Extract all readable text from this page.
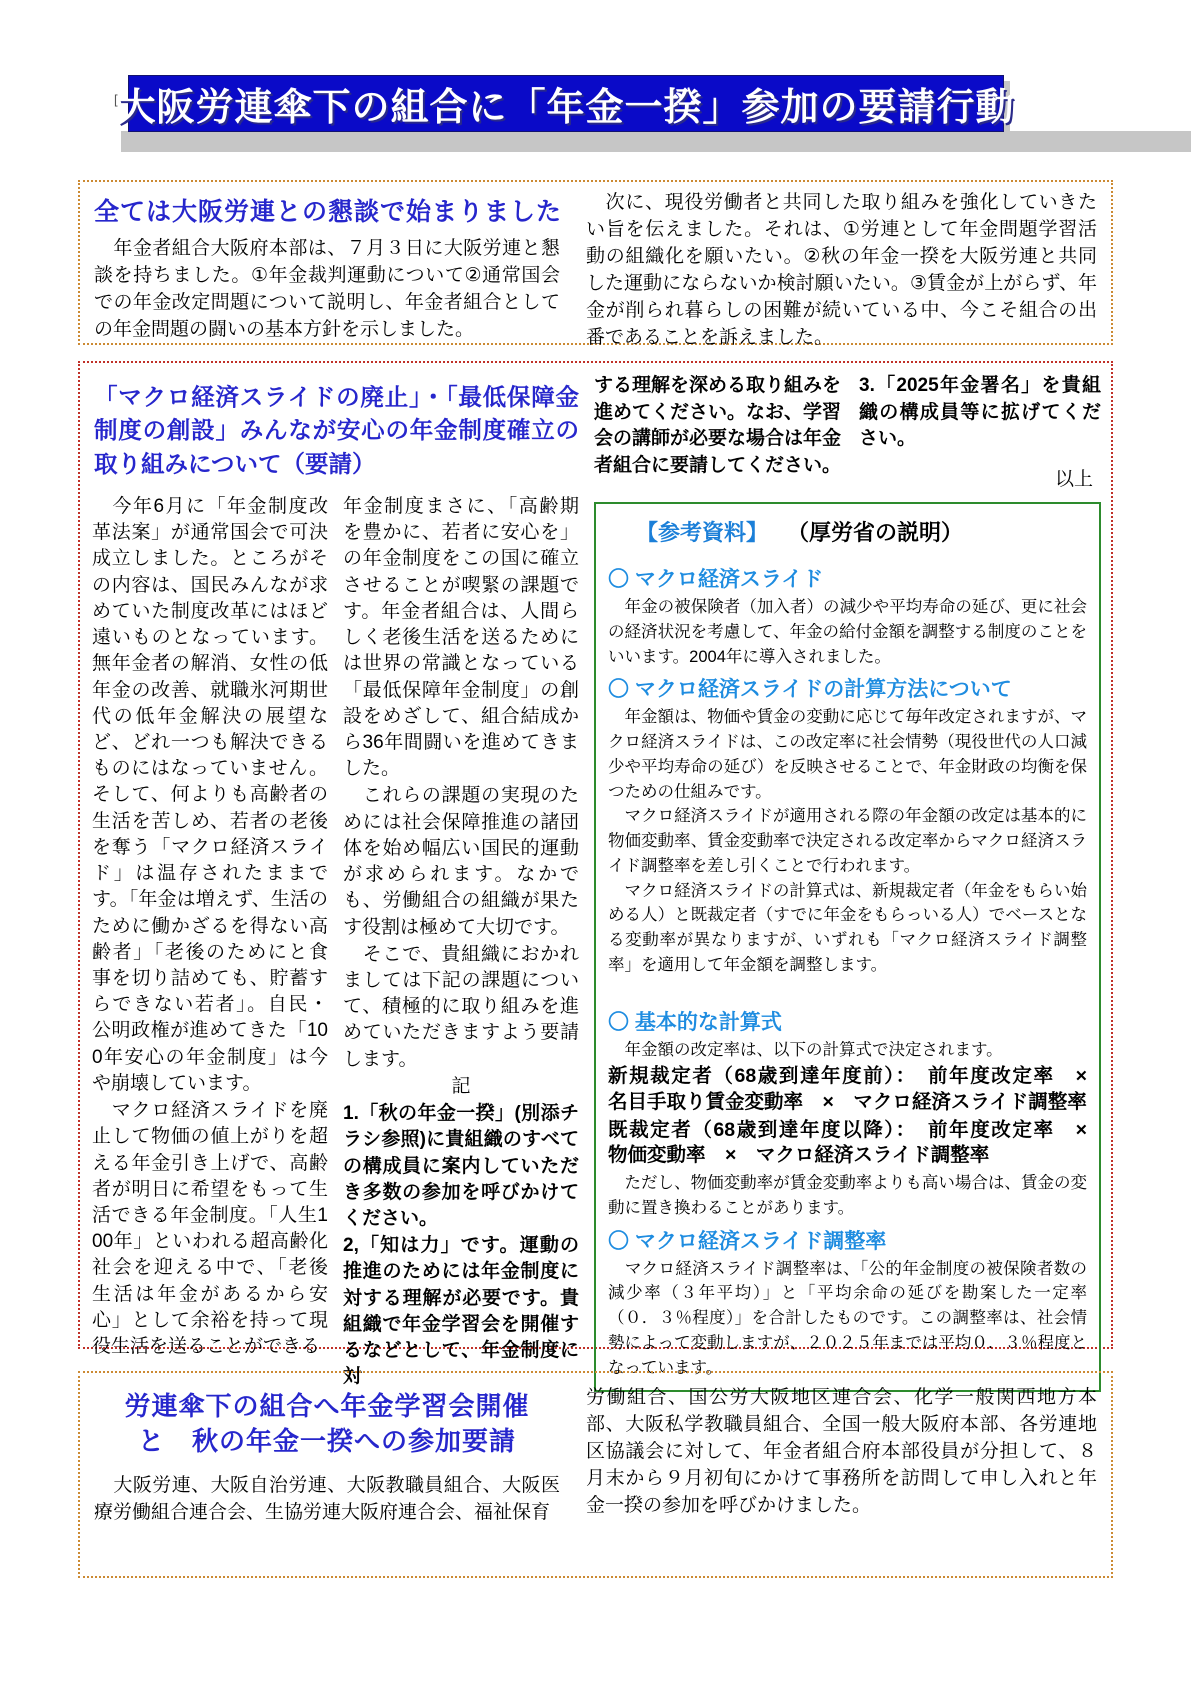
[ 大阪労連傘下の組合に「年金一揆」参加の要請行動
全ては大阪労連との懇談で始まりました

　年金者組合大阪府本部は、７月３日に大阪労連と懇談を持ちました。①年金裁判運動について②通常国会での年金改定問題について説明し、年金者組合としての年金問題の闘いの基本方針を示しました。

　次に、現役労働者と共同した取り組みを強化していきたい旨を伝えました。それは、①労連として年金問題学習活動の組織化を願いたい。②秋の年金一揆を大阪労連と共同した運動にならないか検討願いたい。③賃金が上がらず、年金が削られ暮らしの困難が続いている中、今こそ組合の出番であることを訴えました。

「マクロ経済スライドの廃止」・「最低保障金制度の創設」みんなが安心の年金制度確立の取り組みについて（要請）

　今年6月に「年金制度改革法案」が通常国会で可決成立しました。ところがその内容は、国民みんなが求めていた制度改革にはほど遠いものとなっています。無年金者の解消、女性の低年金の改善、就職氷河期世代の低年金解決の展望など、どれ一つも解決できるものにはなっていません。そして、何よりも高齢者の生活を苦しめ、若者の老後を奪う「マクロ経済スライド」は温存されたままです。「年金は増えず、生活のために働かざるを得ない高齢者」「老後のためにと食事を切り詰めても、貯蓄すらできない若者」。自民・公明政権が進めてきた「100年安心の年金制度」は今や崩壊しています。

　マクロ経済スライドを廃止して物価の値上がりを超える年金引き上げで、高齢者が明日に希望をもって生活できる年金制度。「人生100年」といわれる超高齢化社会を迎える中で、「老後生活は年金があるから安心」として余裕を持って現役生活を送ることができる

年金制度まさに、「高齢期を豊かに、若者に安心を」の年金制度をこの国に確立させることが喫緊の課題です。年金者組合は、人間らしく老後生活を送るためには世界の常識となっている「最低保障年金制度」の創設をめざして、組合結成から36年間闘いを進めてきました。

　これらの課題の実現のためには社会保障推進の諸団体を始め幅広い国民的運動が求められます。なかでも、労働組合の組織が果たす役割は極めて大切です。

　そこで、貴組織におかれましては下記の課題について、積極的に取り組みを進めていただきますよう要請します。

記

1.「秋の年金一揆」(別添チラシ参照)に貴組織のすべての構成員に案内していただき多数の参加を呼びかけてください。

2,「知は力」です。運動の推進のためには年金制度に対する理解が必要です。貴組織で年金学習会を開催するなどとして、年金制度に対

する理解を深める取り組みを進めてください。なお、学習会の講師が必要な場合は年金者組合に要請してください。

3.「2025年金署名」を貴組織の構成員等に拡げてください。

以上

【参考資料】 （厚労省の説明）
〇 マクロ経済スライド

　年金の被保険者（加入者）の減少や平均寿命の延び、更に社会の経済状況を考慮して、年金の給付金額を調整する制度のことをいいます。2004年に導入されました。

〇 マクロ経済スライドの計算方法について

　年金額は、物価や賃金の変動に応じて毎年改定されますが、マクロ経済スライドは、この改定率に社会情勢（現役世代の人口減少や平均寿命の延び）を反映させることで、年金財政の均衡を保つための仕組みです。

　マクロ経済スライドが適用される際の年金額の改定は基本的に物価変動率、賃金変動率で決定される改定率からマクロ経済スライド調整率を差し引くことで行われます。

　マクロ経済スライドの計算式は、新規裁定者（年金をもらい始める人）と既裁定者（すでに年金をもらっいる人）でベースとなる変動率が異なりますが、いずれも「マクロ経済スライド調整率」を適用して年金額を調整します。

〇 基本的な計算式

　年金額の改定率は、以下の計算式で決定されます。

新規裁定者（68歳到達年度前）：　前年度改定率　×　名目手取り賃金変動率　×　マクロ経済スライド調整率

既裁定者（68歳到達年度以降）：　前年度改定率　×　物価変動率　×　マクロ経済スライド調整率

　ただし、物価変動率が賃金変動率よりも高い場合は、賃金の変動に置き換わることがあります。

〇 マクロ経済スライド調整率

　マクロ経済スライド調整率は、「公的年金制度の被保険者数の減少率（３年平均）」と「平均余命の延びを勘案した一定率（０．３％程度）」を合計したものです。この調整率は、社会情勢によって変動しますが、２０２５年までは平均０．３％程度となっています。

労連傘下の組合へ年金学習会開催
と　秋の年金一揆への参加要請

　大阪労連、大阪自治労連、大阪教職員組合、大阪医療労働組合連合会、生協労連大阪府連合会、福祉保育

労働組合、国公労大阪地区連合会、化学一般関西地方本部、大阪私学教職員組合、全国一般大阪府本部、各労連地区協議会に対して、年金者組合府本部役員が分担して、８月末から９月初旬にかけて事務所を訪問して申し入れと年金一揆の参加を呼びかけました。
